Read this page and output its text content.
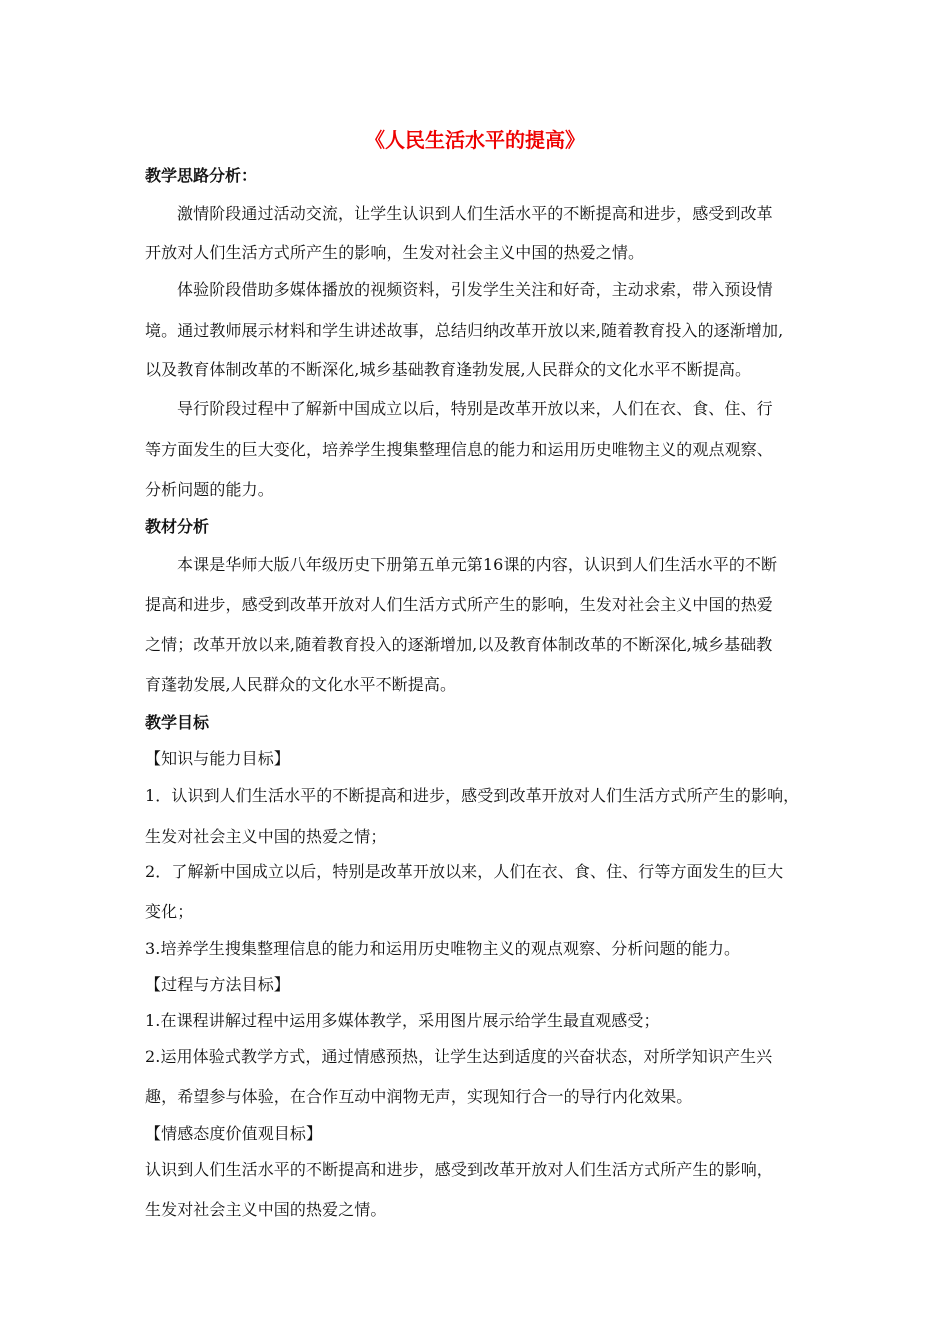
《人民生活水平的提高》
教学思路分析：
激情阶段通过活动交流，让学生认识到人们生活水平的不断提高和进步，感受到改革
开放对人们生活方式所产生的影响，生发对社会主义中国的热爱之情。
体验阶段借助多媒体播放的视频资料，引发学生关注和好奇，主动求索，带入预设情
境。通过教师展示材料和学生讲述故事，总结归纳改革开放以来,随着教育投入的逐渐增加,
以及教育体制改革的不断深化,城乡基础教育逢勃发展,人民群众的文化水平不断提高。
导行阶段过程中了解新中国成立以后，特别是改革开放以来，人们在衣、食、住、行
等方面发生的巨大变化，培养学生搜集整理信息的能力和运用历史唯物主义的观点观察、
分析问题的能力。
教材分析
本课是华师大版八年级历史下册第五单元第16课的内容，认识到人们生活水平的不断
提高和进步，感受到改革开放对人们生活方式所产生的影响，生发对社会主义中国的热爱
之情；改革开放以来,随着教育投入的逐渐增加,以及教育体制改革的不断深化,城乡基础教
育蓬勃发展,人民群众的文化水平不断提高。
教学目标
【知识与能力目标】
1．认识到人们生活水平的不断提高和进步，感受到改革开放对人们生活方式所产生的影响，
生发对社会主义中国的热爱之情；
2．了解新中国成立以后，特别是改革开放以来，人们在衣、食、住、行等方面发生的巨大
变化；
3.培养学生搜集整理信息的能力和运用历史唯物主义的观点观察、分析问题的能力。
【过程与方法目标】
1.在课程讲解过程中运用多媒体教学，采用图片展示给学生最直观感受；
2.运用体验式教学方式，通过情感预热，让学生达到适度的兴奋状态，对所学知识产生兴
趣，希望参与体验，在合作互动中润物无声，实现知行合一的导行内化效果。
【情感态度价值观目标】
认识到人们生活水平的不断提高和进步，感受到改革开放对人们生活方式所产生的影响，
生发对社会主义中国的热爱之情。
